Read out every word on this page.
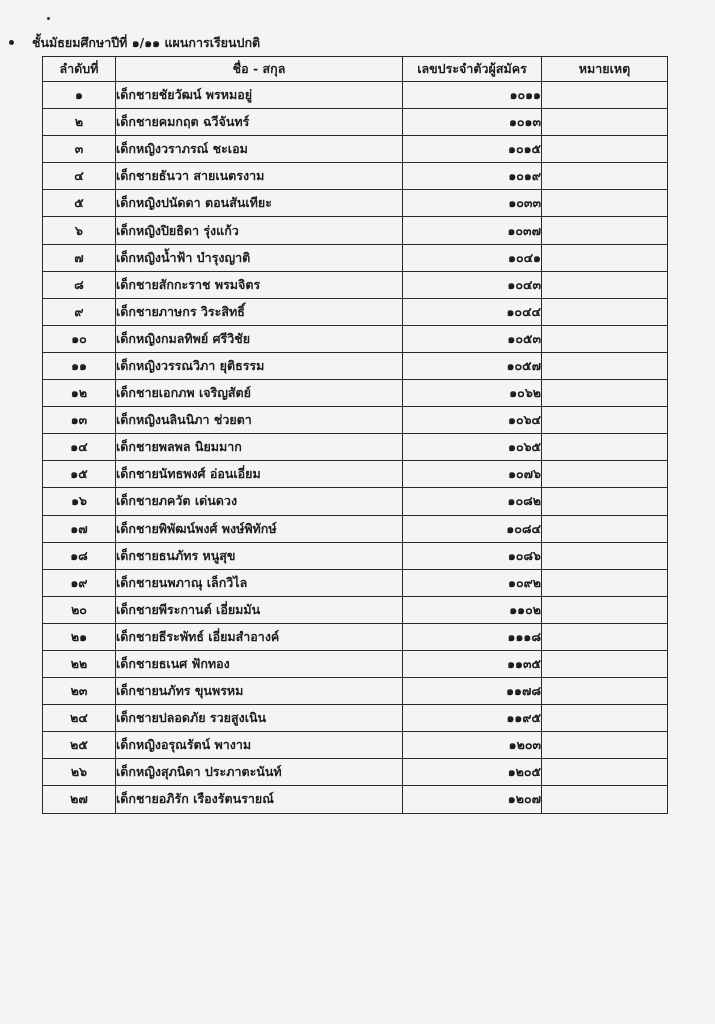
ชั้นมัธยมศึกษาปีที่ ๑/๑๑ แผนการเรียนปกติ
ลำดับที่	ชื่อ - สกุล	เลขประจำตัวผู้สมัคร	หมายเหตุ
๑	เด็กชายชัยวัฒน์ พรหมอยู่	๑๐๑๑	
๒	เด็กชายคมกฤต ฉวีจันทร์	๑๐๑๓	
๓	เด็กหญิงวราภรณ์ ชะเอม	๑๐๑๕	
๔	เด็กชายธันวา สายเนตรงาม	๑๐๑๙	
๕	เด็กหญิงปนัดดา ตอนสันเทียะ	๑๐๓๓	
๖	เด็กหญิงปิยธิดา รุ่งแก้ว	๑๐๓๗	
๗	เด็กหญิงน้ำฟ้า บำรุงญาติ	๑๐๔๑	
๘	เด็กชายสักกะราช พรมจิตร	๑๐๔๓	
๙	เด็กชายภาษกร วิระสิทธิ์	๑๐๔๔	
๑๐	เด็กหญิงกมลทิพย์ ศรีวิชัย	๑๐๕๓	
๑๑	เด็กหญิงวรรณวิภา ยุติธรรม	๑๐๕๗	
๑๒	เด็กชายเอกภพ เจริญสัตย์	๑๐๖๒	
๑๓	เด็กหญิงนลินนิภา ช่วยตา	๑๐๖๔	
๑๔	เด็กชายพลพล นิยมมาก	๑๐๖๕	
๑๕	เด็กชายนัทธพงศ์ อ่อนเอี่ยม	๑๐๗๖	
๑๖	เด็กชายภควัต เด่นดวง	๑๐๘๒	
๑๗	เด็กชายพิพัฒน์พงศ์ พงษ์พิทักษ์	๑๐๘๔	
๑๘	เด็กชายธนภัทร หนูสุข	๑๐๘๖	
๑๙	เด็กชายนพภาณุ เล็กวิไล	๑๐๙๒	
๒๐	เด็กชายพีระกานต์ เอี่ยมมัน	๑๑๐๒	
๒๑	เด็กชายธีระพัทธ์ เอี่ยมสำอางค์	๑๑๑๘	
๒๒	เด็กชายธเนศ ฟักทอง	๑๑๓๕	
๒๓	เด็กชายนภัทร ขุนพรหม	๑๑๗๘	
๒๔	เด็กชายปลอดภัย รวยสูงเนิน	๑๑๙๕	
๒๕	เด็กหญิงอรุณรัตน์ พางาม	๑๒๐๓	
๒๖	เด็กหญิงสุภนิดา ประภาตะนันท์	๑๒๐๕	
๒๗	เด็กชายอภิรัก เรืองรัตนรายณ์	๑๒๐๗	
